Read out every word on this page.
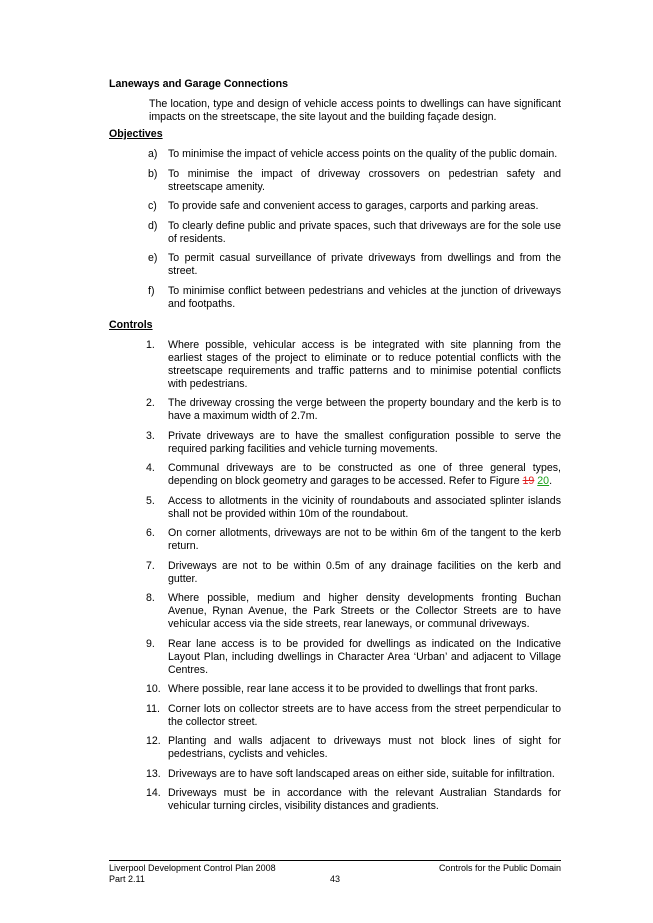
Laneways and Garage Connections

The location, type and design of vehicle access points to dwellings can have significant impacts on the streetscape, the site layout and the building façade design.

Objectives
a) To minimise the impact of vehicle access points on the quality of the public domain.
b) To minimise the impact of driveway crossovers on pedestrian safety and streetscape amenity.
c)	To provide safe and convenient access to garages, carports and parking areas.
d) To clearly define public and private spaces, such that driveways are for the sole use of residents.
e) To permit casual surveillance of private driveways from dwellings and from the street.
f)	To minimise conflict between pedestrians and vehicles at the junction of driveways and footpaths.
Controls
1.	Where possible, vehicular access is be integrated with site planning from the earliest stages of the project to eliminate or to reduce potential conflicts with the streetscape requirements and traffic patterns and to minimise potential conflicts with pedestrians.
2.	The driveway crossing the verge between the property boundary and the kerb is to have a maximum width of 2.7m.
3.	Private driveways are to have the smallest configuration possible to serve the required parking facilities and vehicle turning movements.
4.	Communal driveways are to be constructed as one of three general types, depending on block geometry and garages to be accessed. Refer to Figure 19 20.
5.	Access to allotments in the vicinity of roundabouts and associated splinter islands shall not be provided within 10m of the roundabout.
6.	On corner allotments, driveways are not to be within 6m of the tangent to the kerb return.
7.	Driveways are not to be within 0.5m of any drainage facilities on the kerb and gutter.
8.	Where possible, medium and higher density developments fronting Buchan Avenue, Rynan Avenue, the Park Streets or the Collector Streets are to have vehicular access via the side streets, rear laneways, or communal driveways.
9.	Rear lane access is to be provided for dwellings as indicated on the Indicative Layout Plan, including dwellings in Character Area ‘Urban’ and adjacent to Village Centres.
10. Where possible, rear lane access it to be provided to dwellings that front parks.
11. Corner lots on collector streets are to have access from the street perpendicular to the collector street.
12. Planting and walls adjacent to driveways must not block lines of sight for pedestrians, cyclists and vehicles.
13. Driveways are to have soft landscaped areas on either side, suitable for infiltration.
14. Driveways must be in accordance with the relevant Australian Standards for vehicular turning circles, visibility distances and gradients.
Liverpool Development Control Plan 2008
Part 2.11
Controls for the Public Domain
43
